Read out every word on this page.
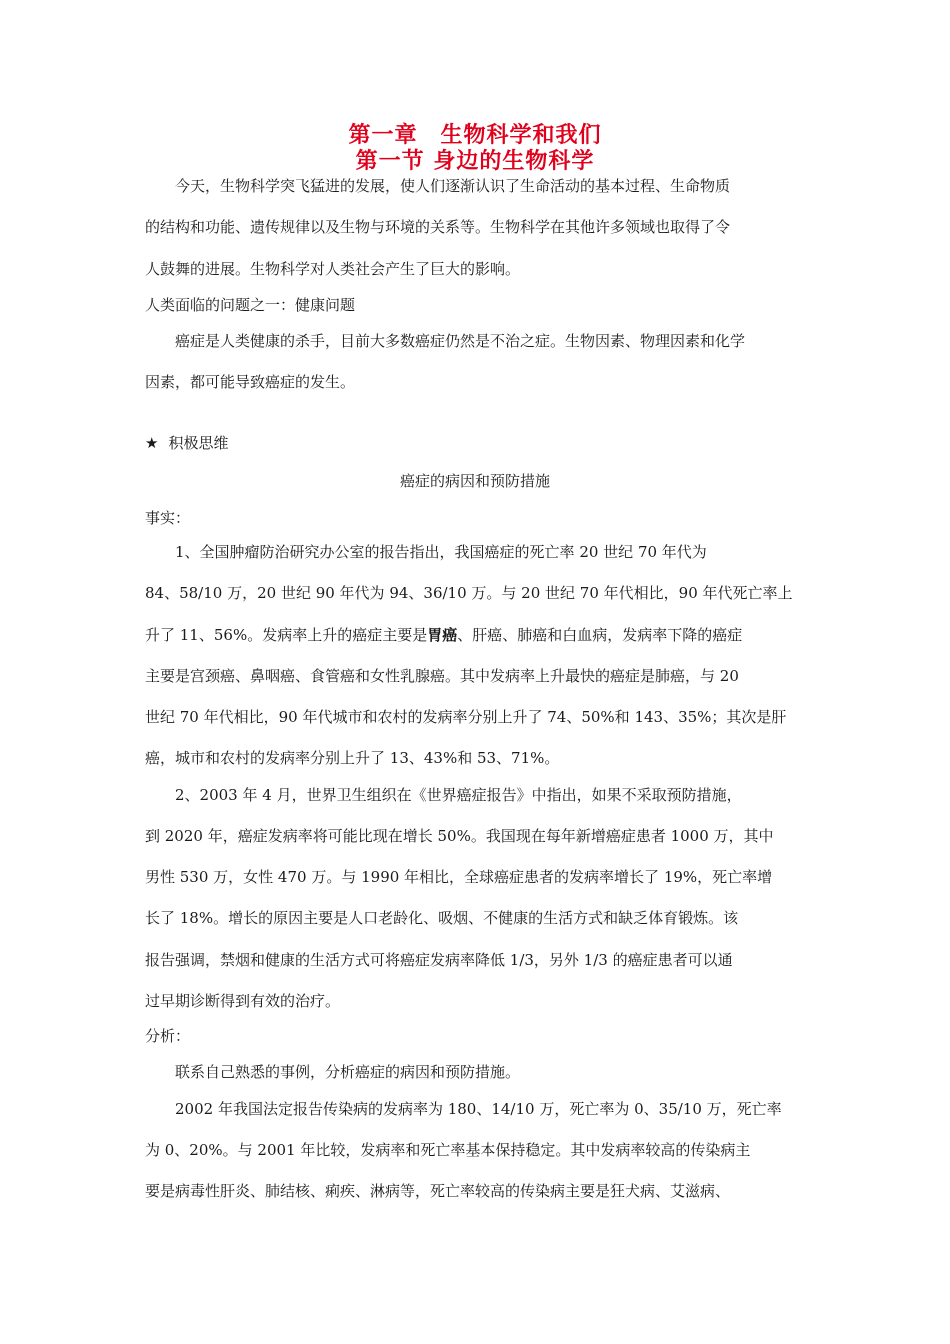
第一章　生物科学和我们
第一节 身边的生物科学
今天，生物科学突飞猛进的发展，使人们逐渐认识了生命活动的基本过程、生命物质
的结构和功能、遗传规律以及生物与环境的关系等。生物科学在其他许多领域也取得了令
人鼓舞的进展。生物科学对人类社会产生了巨大的影响。
人类面临的问题之一：健康问题
癌症是人类健康的杀手，目前大多数癌症仍然是不治之症。生物因素、物理因素和化学
因素，都可能导致癌症的发生。
★ 积极思维
癌症的病因和预防措施
事实：
1、全国肿瘤防治研究办公室的报告指出，我国癌症的死亡率 20 世纪 70 年代为
84、58/10 万，20 世纪 90 年代为 94、36/10 万。与 20 世纪 70 年代相比，90 年代死亡率上
升了 11、56%。发病率上升的癌症主要是胃癌、肝癌、肺癌和白血病，发病率下降的癌症
主要是宫颈癌、鼻咽癌、食管癌和女性乳腺癌。其中发病率上升最快的癌症是肺癌，与 20
世纪 70 年代相比，90 年代城市和农村的发病率分别上升了 74、50%和 143、35%；其次是肝
癌，城市和农村的发病率分别上升了 13、43%和 53、71%。
2、2003 年 4 月，世界卫生组织在《世界癌症报告》中指出，如果不采取预防措施，
到 2020 年，癌症发病率将可能比现在增长 50%。我国现在每年新增癌症患者 1000 万，其中
男性 530 万，女性 470 万。与 1990 年相比，全球癌症患者的发病率增长了 19%，死亡率增
长了 18%。增长的原因主要是人口老龄化、吸烟、不健康的生活方式和缺乏体育锻炼。该
报告强调，禁烟和健康的生活方式可将癌症发病率降低 1/3，另外 1/3 的癌症患者可以通
过早期诊断得到有效的治疗。
分析：
联系自己熟悉的事例，分析癌症的病因和预防措施。
2002 年我国法定报告传染病的发病率为 180、14/10 万，死亡率为 0、35/10 万，死亡率
为 0、20%。与 2001 年比较，发病率和死亡率基本保持稳定。其中发病率较高的传染病主
要是病毒性肝炎、肺结核、痢疾、淋病等，死亡率较高的传染病主要是狂犬病、艾滋病、
